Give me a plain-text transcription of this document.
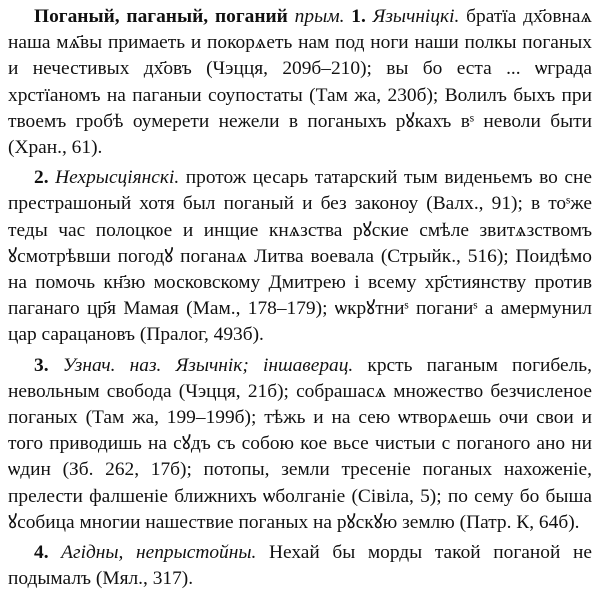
Поганый, паганый, поганий прым. 1. Язычніцкі. братїа дх҃овнаѧ наша мѧ҃вы примаеть и покорѧеть нам под ноги наши полкы поганых и нечестивых дх҃овъ (Чэцця, 209б–210); вы бо еста ... ѡграда хрстїаномъ на паганыи соупостаты (Там жа, 230б); Волилъ быхъ при твоемъ гробѣ оумерети нежели в поганыхъ рꙋкахъ вˢ неволи быти (Хран., 61).

2. Нехрысціянскі. протож цесарь татарский тым виденьемъ во сне престрашоный хотя был поганый и без законоу (Валх., 91); в тоˢже теды час полоцкое и инщие кнѧзства рꙋские смѣле звитѧзствомъ ꙋсмотрѣвши погодꙋ поганаѧ Литва воевала (Стрыйк., 516); Поидѣмо на помочь кн҃зю московскому Дмитрею і всему хр҃стиянству против паганаго цр҃я Мамая (Мам., 178–179); ѡкрꙋтниˢ поганиˢ а амермунил цар сарацановъ (Пралог, 493б).

3. Узнач. наз. Язычнік; іншаверац. крсть паганым погибель, невольным свобода (Чэцця, 21б); собрашасѧ множество безчисленое поганых (Там жа, 199–199б); тѣжь и на сею ѡтворѧешь очи свои и того приводишь на сꙋдъ съ собою кое вьсе чистыи с поганого ано ни ѡдин (Зб. 262, 17б); потопы, земли тресеніе поганых нахоженіе, прелести фалшеніе ближнихъ ѡболганіе (Сівіла, 5); по сему бо быша ꙋсобица многии нашествие поганых на рꙋскꙋю землю (Патр. К, 64б).

4. Агідны, непрыстойны. Нехай бы морды такой поганой не подымалъ (Мял., 317).
